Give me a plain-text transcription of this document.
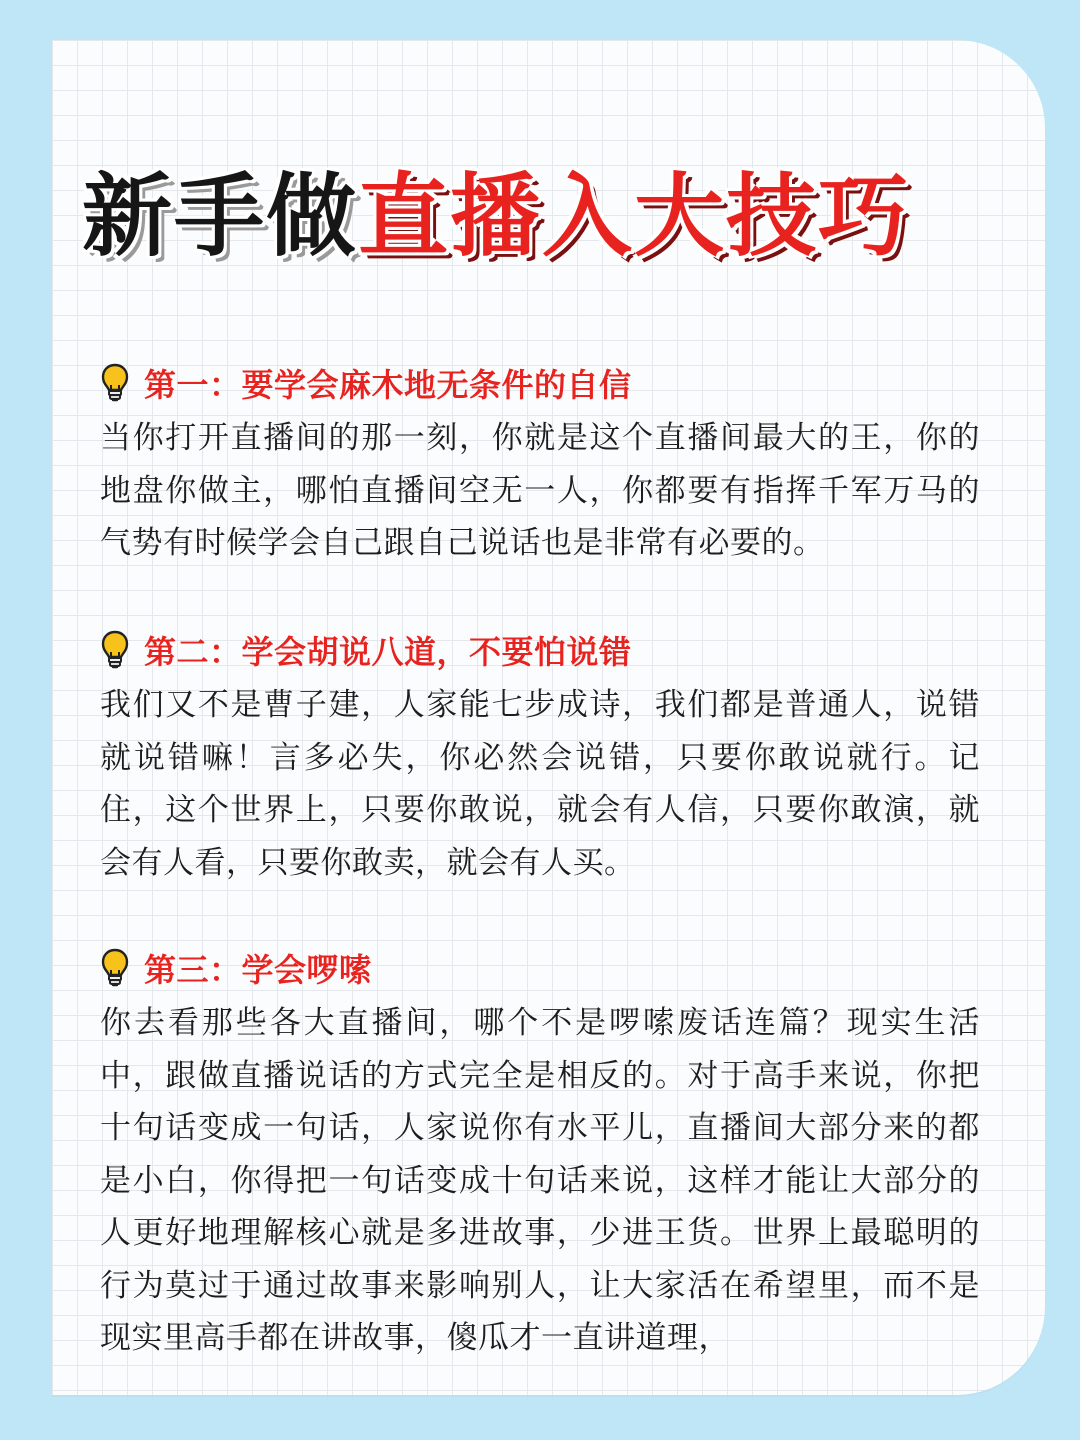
新手做直播入大技巧
第一：要学会麻木地无条件的自信
当你打开直播间的那一刻，你就是这个直播间最大的王，你的地盘你做主，哪怕直播间空无一人，你都要有指挥千军万马的气势有时候学会自己跟自己说话也是非常有必要的。
第二：学会胡说八道，不要怕说错
我们又不是曹子建，人家能七步成诗，我们都是普通人，说错就说错嘛！言多必失，你必然会说错，只要你敢说就行。记住，这个世界上，只要你敢说，就会有人信，只要你敢演，就会有人看，只要你敢卖，就会有人买。
第三：学会啰嗦
你去看那些各大直播间，哪个不是啰嗦废话连篇？现实生活中，跟做直播说话的方式完全是相反的。对于高手来说，你把十句话变成一句话，人家说你有水平儿，直播间大部分来的都是小白，你得把一句话变成十句话来说，这样才能让大部分的人更好地理解核心就是多进故事，少进王货。世界上最聪明的行为莫过于通过故事来影响别人，让大家活在希望里，而不是现实里高手都在讲故事，傻瓜才一直讲道理，
